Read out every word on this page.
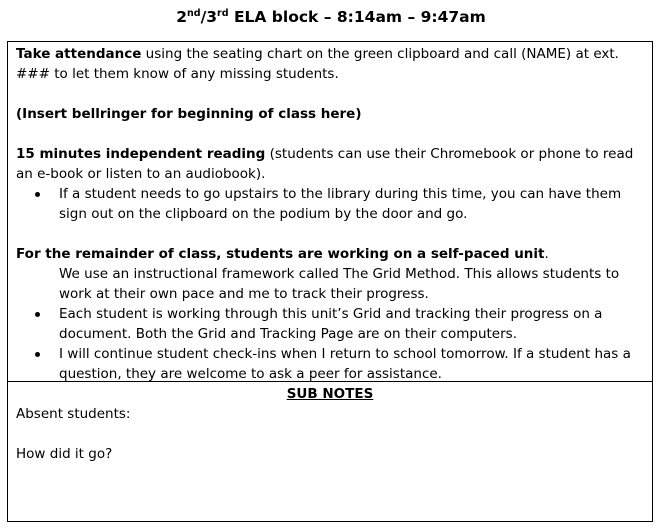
2nd/3rd ELA block – 8:14am – 9:47am

Take attendance using the seating chart on the green clipboard and call (NAME) at ext. ### to let them know of any missing students.

(Insert bellringer for beginning of class here)

15 minutes independent reading (students can use their Chromebook or phone to read an e-book or listen to an audiobook).

If a student needs to go upstairs to the library during this time, you can have them sign out on the clipboard on the podium by the door and go.

For the remainder of class, students are working on a self-paced unit.

We use an instructional framework called The Grid Method. This allows students to work at their own pace and me to track their progress.

Each student is working through this unit’s Grid and tracking their progress on a document. Both the Grid and Tracking Page are on their computers.
I will continue student check-ins when I return to school tomorrow. If a student has a question, they are welcome to ask a peer for assistance.

SUB NOTES

Absent students:

How did it go?
